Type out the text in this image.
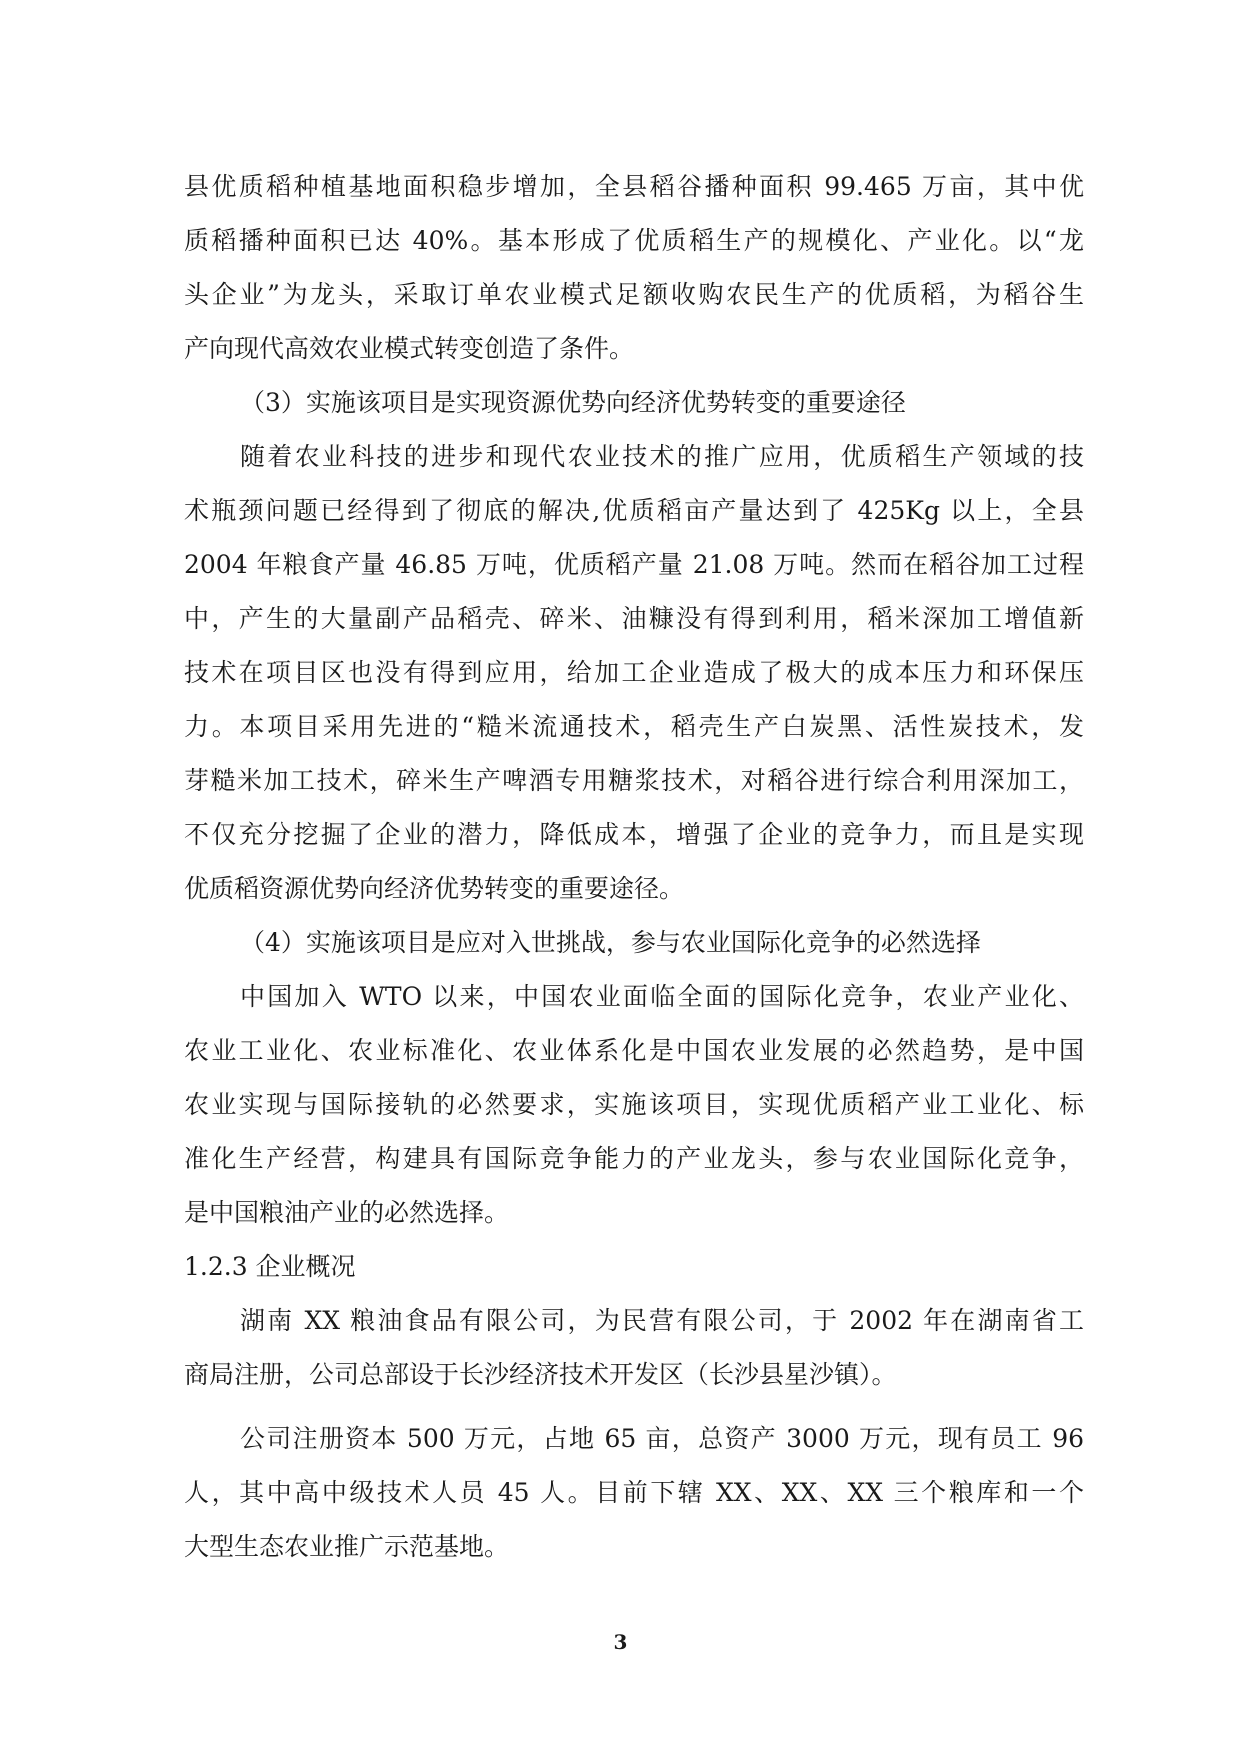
县优质稻种植基地面积稳步增加，全县稻谷播种面积 99.465 万亩，其中优
质稻播种面积已达 40%。基本形成了优质稻生产的规模化、产业化。以“龙
头企业”为龙头，采取订单农业模式足额收购农民生产的优质稻，为稻谷生
产向现代高效农业模式转变创造了条件。
（3）实施该项目是实现资源优势向经济优势转变的重要途径
随着农业科技的进步和现代农业技术的推广应用，优质稻生产领域的技
术瓶颈问题已经得到了彻底的解决,优质稻亩产量达到了 425Kg 以上，全县
2004 年粮食产量 46.85 万吨，优质稻产量 21.08 万吨。然而在稻谷加工过程
中，产生的大量副产品稻壳、碎米、油糠没有得到利用，稻米深加工增值新
技术在项目区也没有得到应用，给加工企业造成了极大的成本压力和环保压
力。本项目采用先进的“糙米流通技术，稻壳生产白炭黑、活性炭技术，发
芽糙米加工技术，碎米生产啤酒专用糖浆技术，对稻谷进行综合利用深加工，
不仅充分挖掘了企业的潜力，降低成本，增强了企业的竞争力，而且是实现
优质稻资源优势向经济优势转变的重要途径。
（4）实施该项目是应对入世挑战，参与农业国际化竞争的必然选择
中国加入 WTO 以来，中国农业面临全面的国际化竞争，农业产业化、
农业工业化、农业标准化、农业体系化是中国农业发展的必然趋势，是中国
农业实现与国际接轨的必然要求，实施该项目，实现优质稻产业工业化、标
准化生产经营，构建具有国际竞争能力的产业龙头，参与农业国际化竞争，
是中国粮油产业的必然选择。
1.2.3 企业概况
湖南 XX 粮油食品有限公司，为民营有限公司，于 2002 年在湖南省工
商局注册，公司总部设于长沙经济技术开发区（长沙县星沙镇）。
公司注册资本 500 万元，占地 65 亩，总资产 3000 万元，现有员工 96
人，其中高中级技术人员 45 人。目前下辖 XX、XX、XX 三个粮库和一个
大型生态农业推广示范基地。
3
